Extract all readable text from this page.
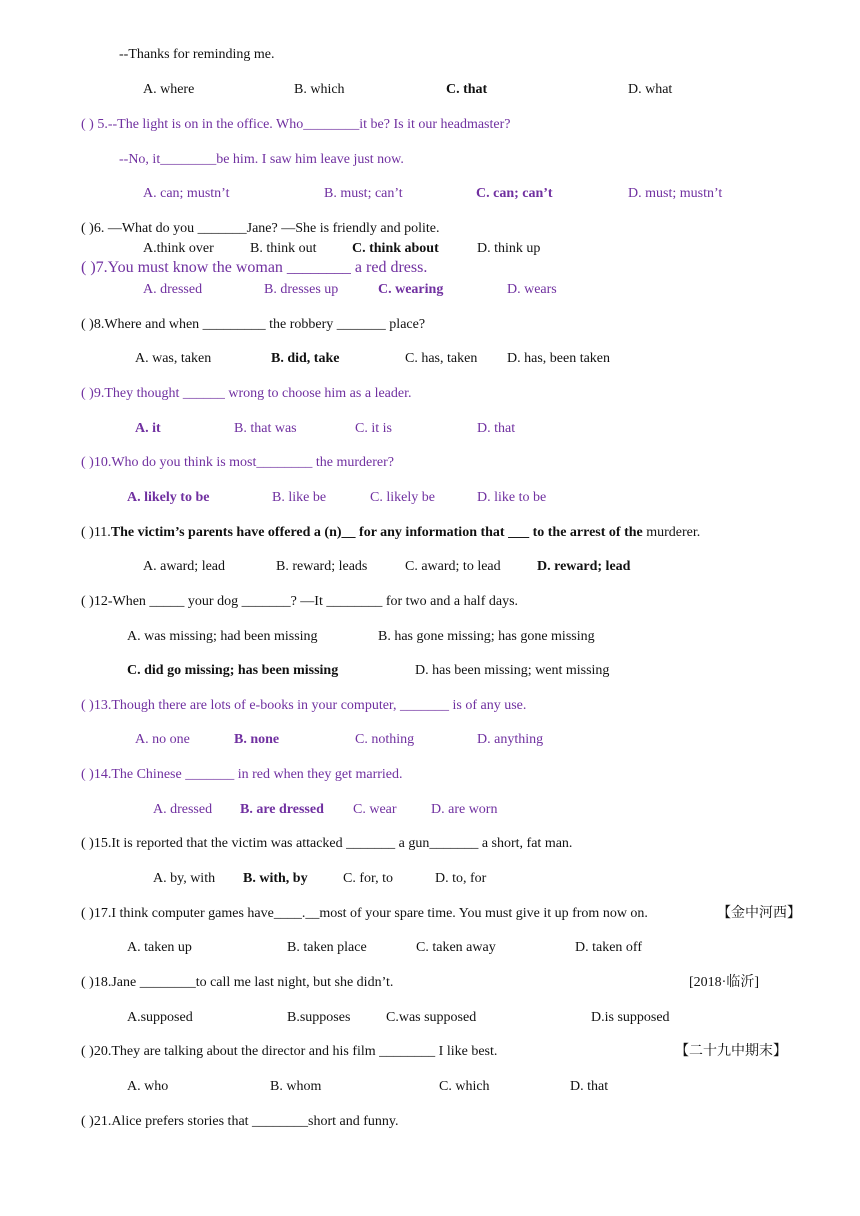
--Thanks for reminding me.
A. where	B. which	C. that	D. what
( ) 5.--The light is on in the office. Who________it be? Is it our headmaster?
--No, it________be him. I saw him leave just now.
A. can; mustn’t	B. must; can’t	C. can; can’t	D. must; mustn’t
( )6. —What do you _______Jane? —She is friendly and polite.
A.think over	B. think out	C. think about	D. think up
( )7.You must know the woman ________ a red dress.
A. dressed	B. dresses up	C. wearing	D. wears
( )8.Where and when _________ the robbery _______ place?
A. was, taken	B. did, take	C. has, taken D. has, been taken
( )9.They thought ______ wrong to choose him as a leader.
A. it	B. that was	C. it is	D. that
( )10.Who do you think is most________ the murderer?
A. likely to be	B. like be	C. likely be	D. like to be
( )11.The victim’s parents have offered a (n)__ for any information that ___ to the arrest of the murderer.
A. award; lead	B. reward; leads	C. award; to lead	D. reward; lead
( )12-When _____ your dog _______? —It ________ for two and a half days.
A. was missing; had been missing	B. has gone missing; has gone missing
C. did go missing; has been missing	D. has been missing; went missing
( )13.Though there are lots of e-books in your computer, _______ is of any use.
A. no one	B. none	C. nothing	D. anything
( )14.The Chinese _______ in red when they get married.
A. dressed B. are dressed C. wear D. are worn
( )15.It is reported that the victim was attacked _______ a gun_______ a short, fat man.
A. by, with B. with, by	C. for, to	D. to, for
( )17.I think computer games have____.__most of your spare time. You must give it up from now on.	【金中河西】
A. taken up	B. taken place	C. taken away	D. taken off
( )18.Jane ________to call me last night, but she didn’t.	[2018·临沂]
A.supposed	B.supposes	C.was supposed	D.is supposed
( )20.They are talking about the director and his film ________ I like best.	【二十九中期末】
A. who	B. whom	C. which	D. that
( )21.Alice prefers stories that ________short and funny.
